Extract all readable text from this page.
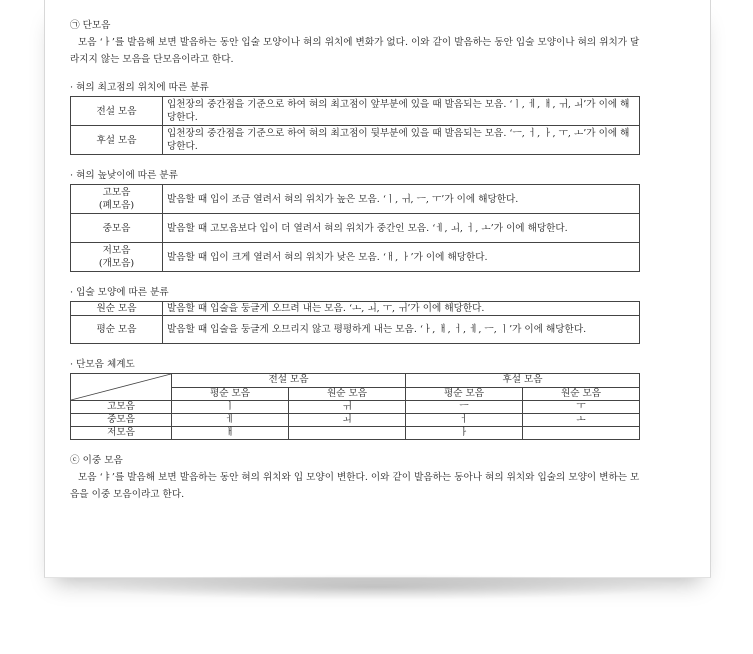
㉠ 단모음

모음 ‘ㅏ’를 발음해 보면 발음하는 동안 입술 모양이나 혀의 위치에 변화가 없다. 이와 같이 발음하는 동안 입술 모양이나 혀의 위치가 달라지지 않는 모음을 단모음이라고 한다.

· 혀의 최고점의 위치에 따른 분류

전설 모음	입천장의 중간점을 기준으로 하여 혀의 최고점이 앞부분에 있을 때 발음되는 모음. ‘ㅣ, ㅔ, ㅐ, ㅟ, ㅚ’가 이에 해당한다.
후설 모음	입천장의 중간점을 기준으로 하여 혀의 최고점이 뒷부분에 있을 때 발음되는 모음. ‘ㅡ, ㅓ, ㅏ, ㅜ, ㅗ’가 이에 해당한다.

· 혀의 높낮이에 따른 분류

고모음
(폐모음)	발음할 때 입이 조금 열려서 혀의 위치가 높은 모음. ‘ㅣ, ㅟ, ㅡ, ㅜ’가 이에 해당한다.

중모음	발음할 때 고모음보다 입이 더 열려서 혀의 위치가 중간인 모음. ‘ㅔ, ㅚ, ㅓ, ㅗ’가 이에 해당한다.

저모음
(개모음)	발음할 때 입이 크게 열려서 혀의 위치가 낮은 모음. ‘ㅐ, ㅏ’가 이에 해당한다.

· 입술 모양에 따른 분류

원순 모음	발음할 때 입술을 둥글게 오므려 내는 모음. ‘ㅗ, ㅚ, ㅜ, ㅟ’가 이에 해당한다.
평순 모음	발음할 때 입술을 둥글게 오므리지 않고 평평하게 내는 모음. ‘ㅏ, ㅐ, ㅓ, ㅔ, ㅡ, ㅣ’가 이에 해당한다.

· 단모음 체계도

	전설 모음		후설 모음	
	평순 모음	원순 모음	평순 모음	원순 모음
고모음	ㅣ	ㅟ	ㅡ	ㅜ
중모음	ㅔ	ㅚ	ㅓ	ㅗ
저모음	ㅐ		ㅏ	

ⓒ 이중 모음

모음 ‘ㅑ’를 발음해 보면 발음하는 동안 혀의 위치와 입 모양이 변한다. 이와 같이 발음하는 동아나 혀의 위치와 입술의 모양이 변하는 모음을 이중 모음이라고 한다.
